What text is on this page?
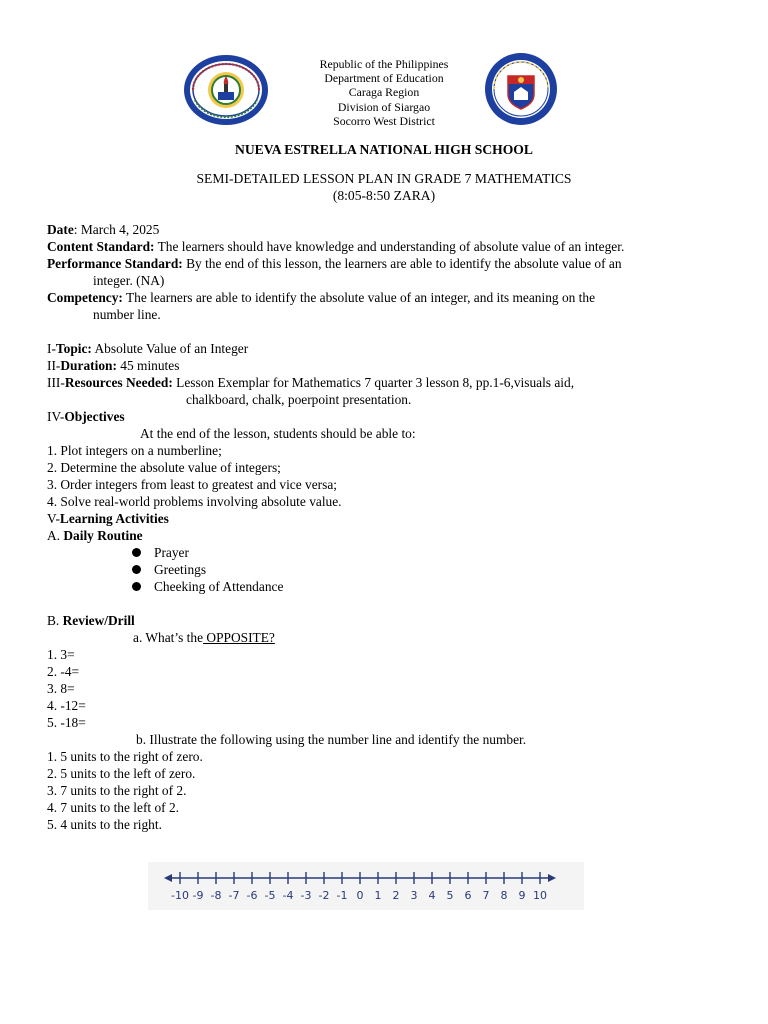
Republic of the Philippines
Department of Education
Caraga Region
Division of Siargao
Socorro West District
NUEVA ESTRELLA NATIONAL HIGH SCHOOL
SEMI-DETAILED LESSON PLAN IN GRADE 7 MATHEMATICS
(8:05-8:50 ZARA)
Date: March 4, 2025
Content Standard: The learners should have knowledge and understanding of absolute value of an integer.
Performance Standard: By the end of this lesson, the learners are able to identify the absolute value of an
integer. (NA)
Competency: The learners are able to identify the absolute value of an integer, and its meaning on the
number line.
I-Topic: Absolute Value of an Integer
II-Duration: 45 minutes
III-Resources Needed: Lesson Exemplar for Mathematics 7 quarter 3 lesson 8, pp.1-6,visuals aid,
chalkboard, chalk, poerpoint presentation.
IV-Objectives
At the end of the lesson, students should be able to:
1. Plot integers on a numberline;
2. Determine the absolute value of integers;
3. Order integers from least to greatest and vice versa;
4. Solve real-world problems involving absolute value.
V-Learning Activities
A. Daily Routine
Prayer
Greetings
Cheeking of Attendance
B. Review/Drill
a. What’s the OPPOSITE?
1. 3=
2. -4=
3. 8=
4. -12=
5. -18=
b. Illustrate the following using the number line and identify the number.
1. 5 units to the right of zero.
2. 5 units to the left of zero.
3. 7 units to the right of 2.
4. 7 units to the left of 2.
5. 4 units to the right.
-10 -9 -8 -7 -6 -5 -4 -3 -2 -1 0 1 2 3 4 5 6 7 8 9 10
